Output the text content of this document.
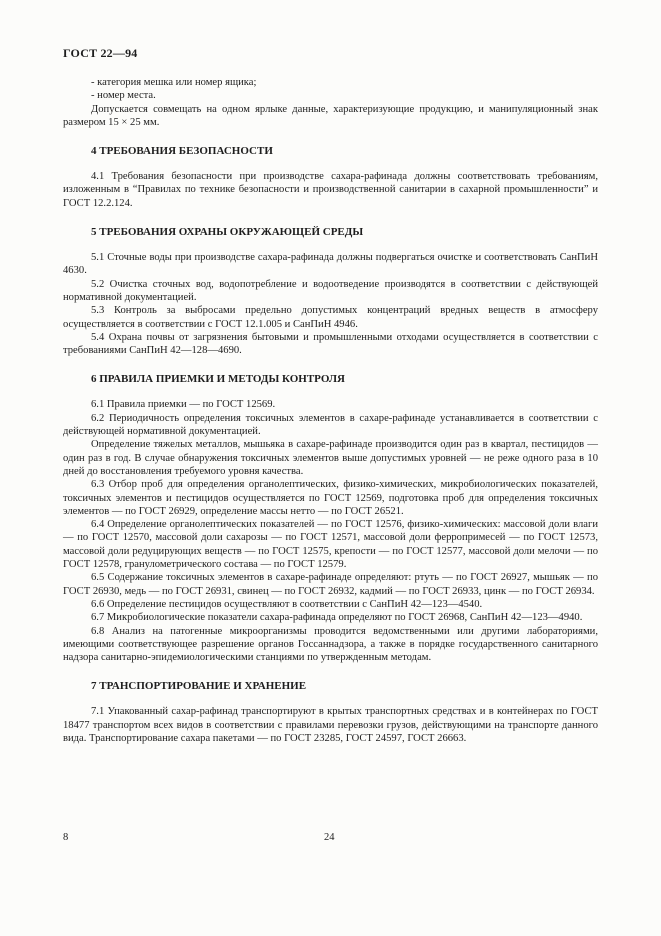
ГОСТ 22—94

- категория мешка или номер ящика;

- номер места.

Допускается совмещать на одном ярлыке данные, характеризующие продукцию, и манипуляционный знак размером 15 × 25 мм.

4 ТРЕБОВАНИЯ БЕЗОПАСНОСТИ

4.1 Требования безопасности при производстве сахара-рафинада должны соответствовать требованиям, изложенным в “Правилах по технике безопасности и производственной санитарии в сахарной промышленности” и ГОСТ 12.2.124.

5 ТРЕБОВАНИЯ ОХРАНЫ ОКРУЖАЮЩЕЙ СРЕДЫ

5.1 Сточные воды при производстве сахара-рафинада должны подвергаться очистке и соответствовать СанПиН 4630.

5.2 Очистка сточных вод, водопотребление и водоотведение производятся в соответствии с действующей нормативной документацией.

5.3 Контроль за выбросами предельно допустимых концентраций вредных веществ в атмосферу осуществляется в соответствии с ГОСТ 12.1.005 и СанПиН 4946.

5.4 Охрана почвы от загрязнения бытовыми и промышленными отходами осуществляется в соответствии с требованиями СанПиН 42—128—4690.

6 ПРАВИЛА ПРИЕМКИ И МЕТОДЫ КОНТРОЛЯ

6.1 Правила приемки — по ГОСТ 12569.

6.2 Периодичность определения токсичных элементов в сахаре-рафинаде устанавливается в соответствии с действующей нормативной документацией.

Определение тяжелых металлов, мышьяка в сахаре-рафинаде производится один раз в квартал, пестицидов — один раз в год. В случае обнаружения токсичных элементов выше допустимых уровней — не реже одного раза в 10 дней до восстановления требуемого уровня качества.

6.3 Отбор проб для определения органолептических, физико-химических, микробиологических показателей, токсичных элементов и пестицидов осуществляется по ГОСТ 12569, подготовка проб для определения токсичных элементов — по ГОСТ 26929, определение массы нетто — по ГОСТ 26521.

6.4 Определение органолептических показателей — по ГОСТ 12576, физико-химических: массовой доли влаги — по ГОСТ 12570, массовой доли сахарозы — по ГОСТ 12571, массовой доли ферропримесей — по ГОСТ 12573, массовой доли редуцирующих веществ — по ГОСТ 12575, крепости — по ГОСТ 12577, массовой доли мелочи — по ГОСТ 12578, гранулометрического состава — по ГОСТ 12579.

6.5 Содержание токсичных элементов в сахаре-рафинаде определяют: ртуть — по ГОСТ 26927, мышьяк — по ГОСТ 26930, медь — по ГОСТ 26931, свинец — по ГОСТ 26932, кадмий — по ГОСТ 26933, цинк — по ГОСТ 26934.

6.6 Определение пестицидов осуществляют в соответствии с СанПиН 42—123—4540.

6.7 Микробиологические показатели сахара-рафинада определяют по ГОСТ 26968, СанПиН 42—123—4940.

6.8 Анализ на патогенные микроорганизмы проводится ведомственными или другими лабораториями, имеющими соответствующее разрешение органов Госсаннадзора, а также в порядке государственного санитарного надзора санитарно-эпидемиологическими станциями по утвержденным методам.

7 ТРАНСПОРТИРОВАНИЕ И ХРАНЕНИЕ

7.1 Упакованный сахар-рафинад транспортируют в крытых транспортных средствах и в контейнерах по ГОСТ 18477 транспортом всех видов в соответствии с правилами перевозки грузов, действующими на транспорте данного вида. Транспортирование сахара пакетами — по ГОСТ 23285, ГОСТ 24597, ГОСТ 26663.

8	24
